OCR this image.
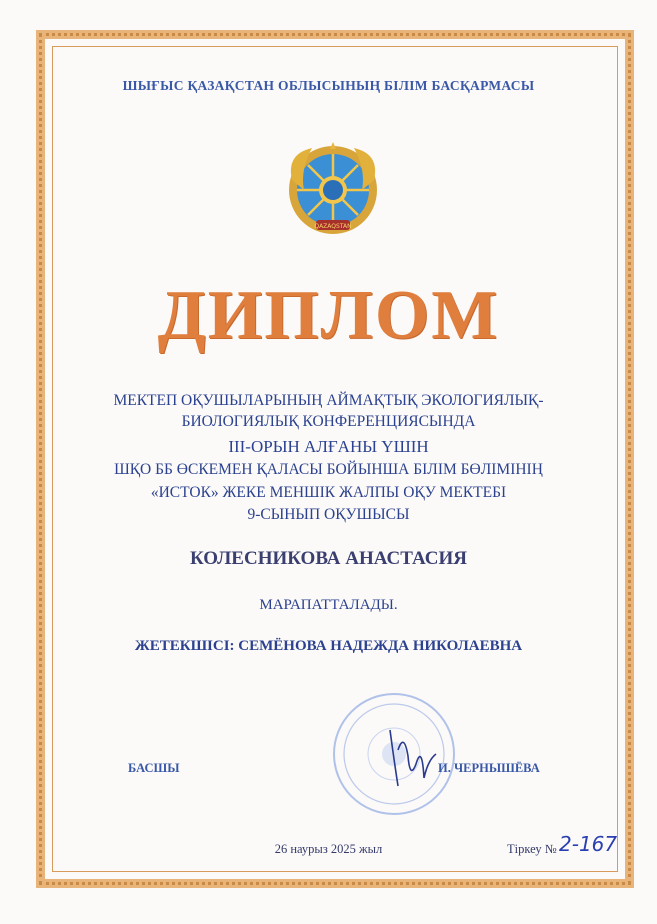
ШЫҒЫС ҚАЗАҚСТАН ОБЛЫСЫНЫҢ БІЛІМ БАСҚАРМАСЫ
QAZAQSTAN
ДИПЛОМ
МЕКТЕП ОҚУШЫЛАРЫНЫҢ АЙМАҚТЫҚ ЭКОЛОГИЯЛЫҚ-
БИОЛОГИЯЛЫҚ КОНФЕРЕНЦИЯСЫНДА
III-ОРЫН АЛҒАНЫ ҮШІН
ШҚО ББ ӨСКЕМЕН ҚАЛАСЫ БОЙЫНША БІЛІМ БӨЛІМІНІҢ
«ИСТОК» ЖЕКЕ МЕНШІК ЖАЛПЫ ОҚУ МЕКТЕБІ
9-СЫНЫП ОҚУШЫСЫ
КОЛЕСНИКОВА АНАСТАСИЯ
МАРАПАТТАЛАДЫ.
ЖЕТЕКШІСІ: СЕМЁНОВА НАДЕЖДА НИКОЛАЕВНА
БАСШЫ	И. ЧЕРНЫШЁВА
26 наурыз 2025 жыл	Тіркеу № 2-167
